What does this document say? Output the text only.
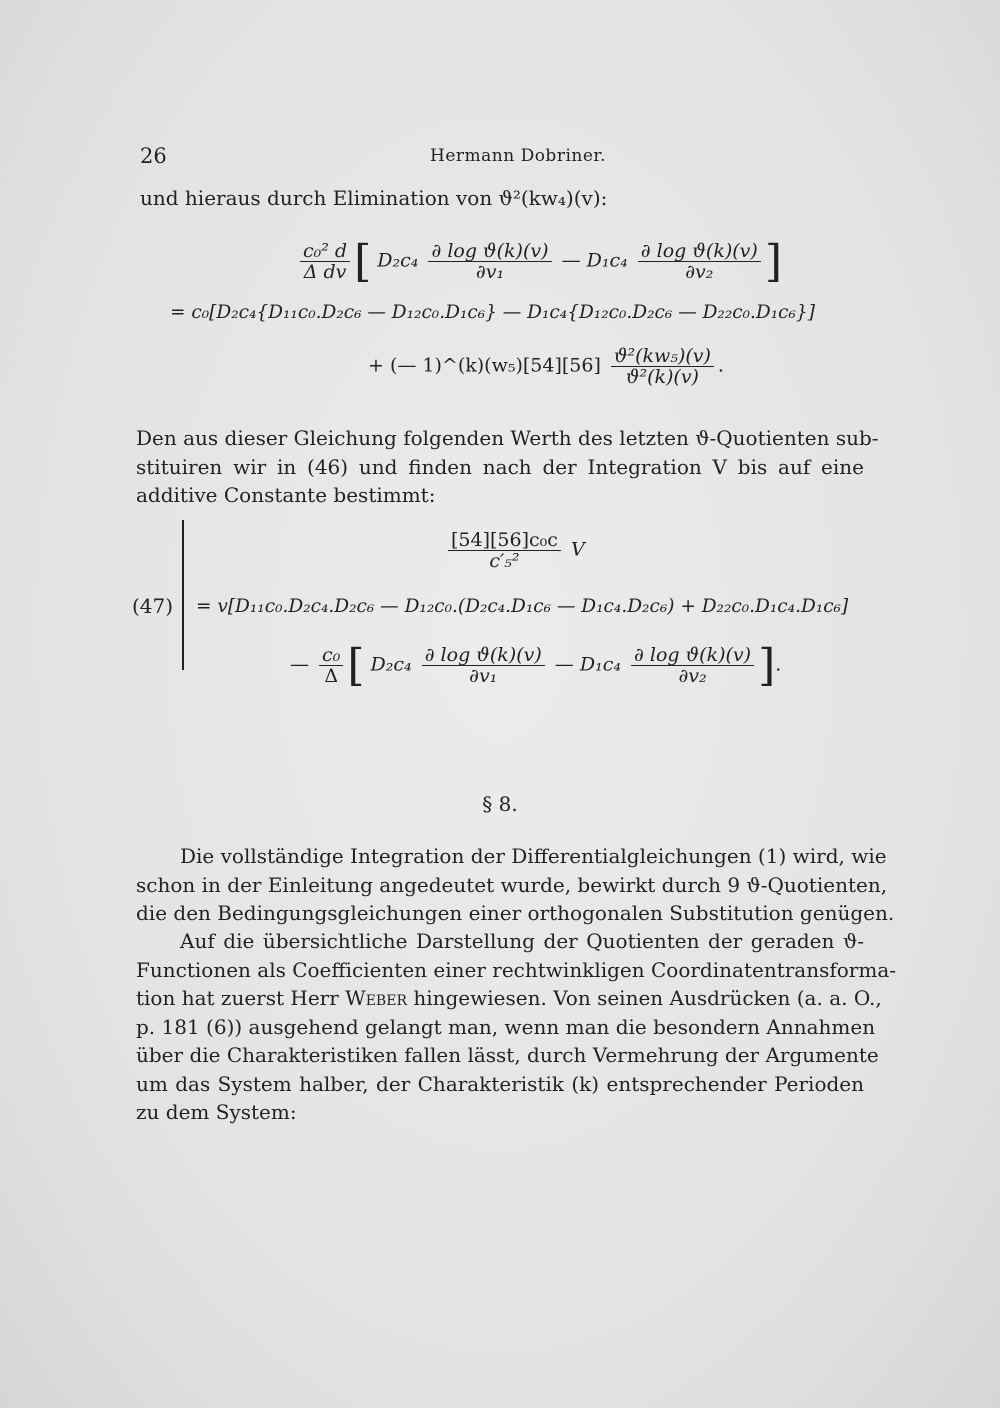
26	Hermann Dobriner.
und hieraus durch Elimination von ϑ²(kw₄)(v):
$\frac{\text{c₀² d}}{\text{Δ dv}}$ [ $D_2c_4 \frac{\text{∂ log ϑ(k)(v)}}{\text{∂v₁}}$ — $D_1c_4 \frac{\text{∂ log ϑ(k)(v)}}{\text{∂v₂}}$ ]
= c₀[D₂c₄{D₁₁c₀.D₂c₆ — D₁₂c₀.D₁c₆} — D₁c₄{D₁₂c₀.D₂c₆ — D₂₂c₀.D₁c₆}]
+ (— 1)^(k)(w₅)[54][56] $\frac{\text{ϑ²(kw₅)(v)}}{\text{ϑ²(k)(v)}}$ .
Den aus dieser Gleichung folgenden Werth des letzten ϑ-Quotienten sub-
stituiren wir in (46) und finden nach der Integration V bis auf eine
additive Constante bestimmt:
(47)
$\frac{\text{[54][56]c₀c}}{\text{c′₅²}}$ V
= v[D₁₁c₀.D₂c₄.D₂c₆ — D₁₂c₀.(D₂c₄.D₁c₆ — D₁c₄.D₂c₆) + D₂₂c₀.D₁c₄.D₁c₆]
— $\frac{\text{c₀}}{\Delta}$ [ $D_2c_4 \frac{\text{∂ log ϑ(k)(v)}}{\text{∂v₁}}$ — $D_1c_4 \frac{\text{∂ log ϑ(k)(v)}}{\text{∂v₂}}$ ].
§ 8.
Die vollständige Integration der Differentialgleichungen (1) wird, wie
schon in der Einleitung angedeutet wurde, bewirkt durch 9 ϑ-Quotienten,
die den Bedingungsgleichungen einer orthogonalen Substitution genügen.
Auf die übersichtliche Darstellung der Quotienten der geraden ϑ-
Functionen als Coefficienten einer rechtwinkligen Coordinatentransforma-
tion hat zuerst Herr Weber hingewiesen. Von seinen Ausdrücken (a. a. O.,
p. 181 (6)) ausgehend gelangt man, wenn man die besondern Annahmen
über die Charakteristiken fallen lässt, durch Vermehrung der Argumente
um das System halber, der Charakteristik (k) entsprechender Perioden
zu dem System:
